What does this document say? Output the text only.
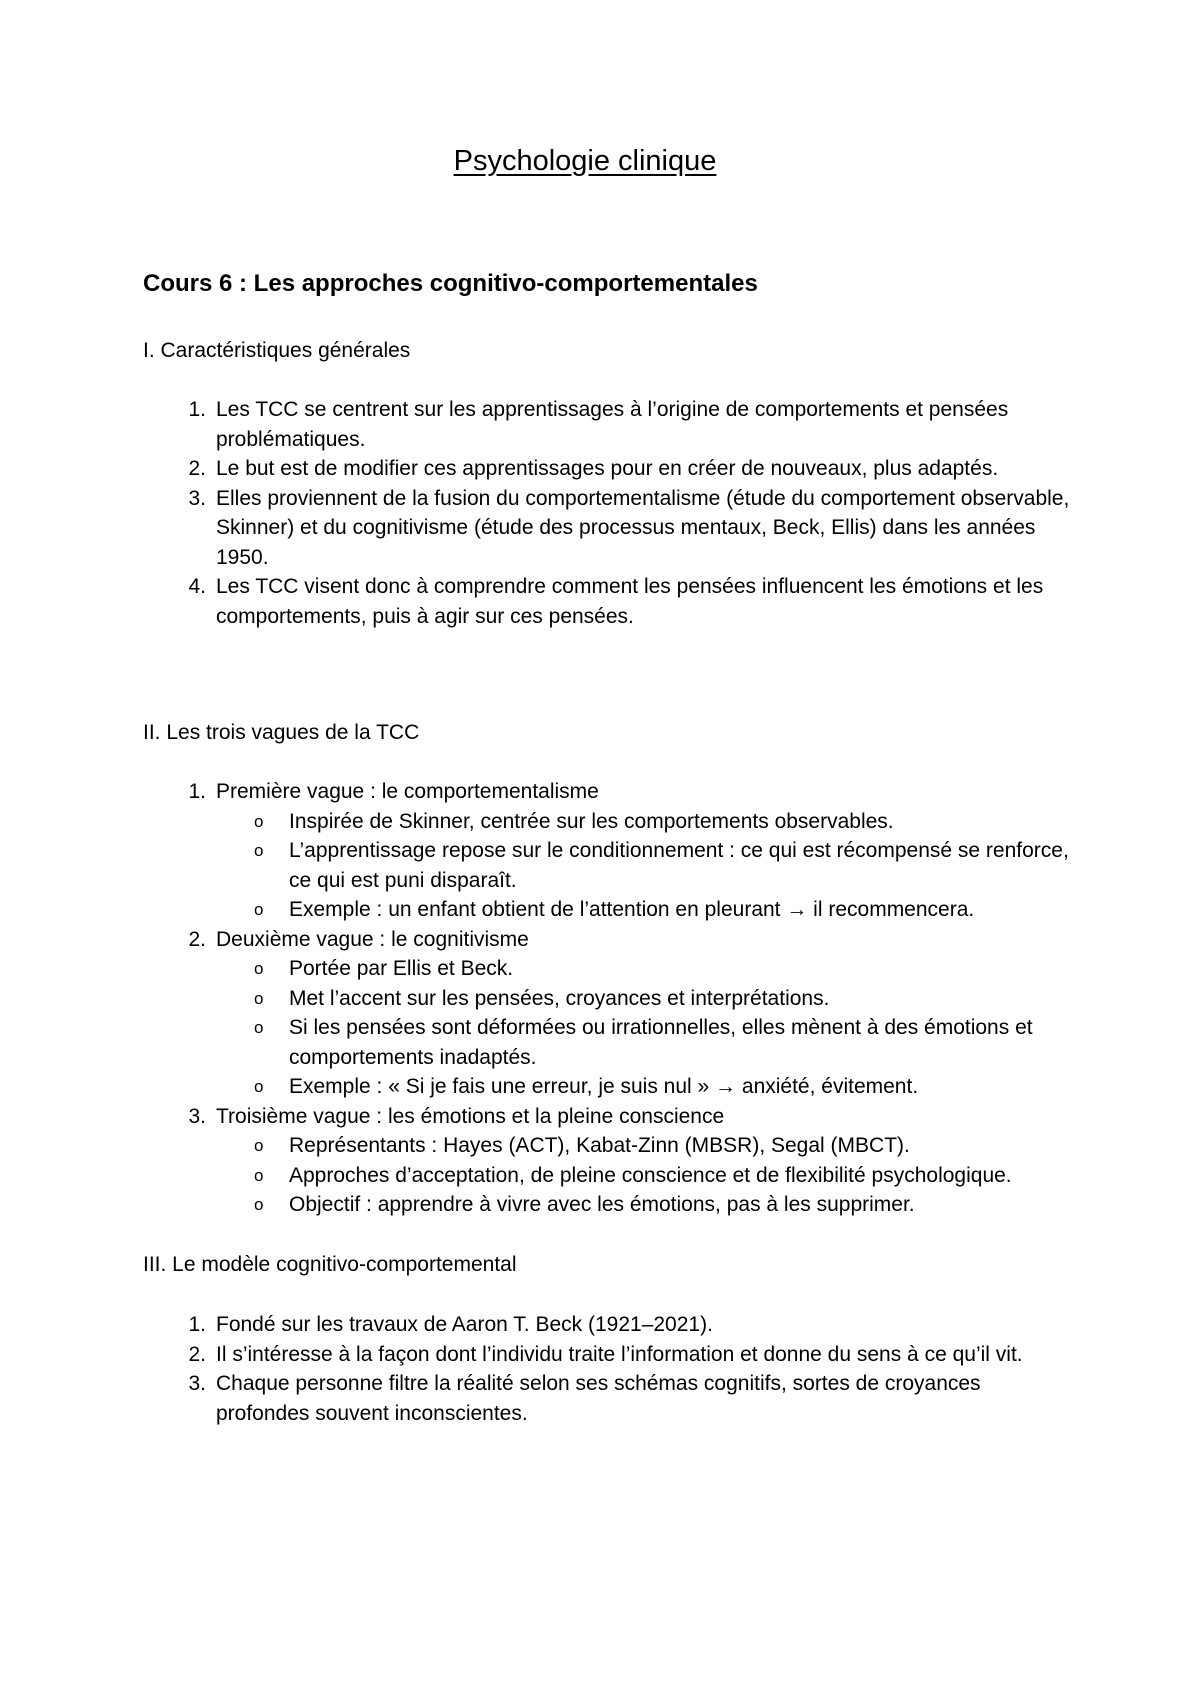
Psychologie clinique
Cours 6 : Les approches cognitivo-comportementales
I. Caractéristiques générales
1. Les TCC se centrent sur les apprentissages à l’origine de comportements et pensées problématiques.
2. Le but est de modifier ces apprentissages pour en créer de nouveaux, plus adaptés.
3. Elles proviennent de la fusion du comportementalisme (étude du comportement observable, Skinner) et du cognitivisme (étude des processus mentaux, Beck, Ellis) dans les années 1950.
4. Les TCC visent donc à comprendre comment les pensées influencent les émotions et les comportements, puis à agir sur ces pensées.
II. Les trois vagues de la TCC
1. Première vague : le comportementalisme
o Inspirée de Skinner, centrée sur les comportements observables.
o L’apprentissage repose sur le conditionnement : ce qui est récompensé se renforce, ce qui est puni disparaît.
o Exemple : un enfant obtient de l’attention en pleurant → il recommencera.
2. Deuxième vague : le cognitivisme
o Portée par Ellis et Beck.
o Met l’accent sur les pensées, croyances et interprétations.
o Si les pensées sont déformées ou irrationnelles, elles mènent à des émotions et comportements inadaptés.
o Exemple : « Si je fais une erreur, je suis nul » → anxiété, évitement.
3. Troisième vague : les émotions et la pleine conscience
o Représentants : Hayes (ACT), Kabat-Zinn (MBSR), Segal (MBCT).
o Approches d’acceptation, de pleine conscience et de flexibilité psychologique.
o Objectif : apprendre à vivre avec les émotions, pas à les supprimer.
III. Le modèle cognitivo-comportemental
1. Fondé sur les travaux de Aaron T. Beck (1921–2021).
2. Il s’intéresse à la façon dont l’individu traite l’information et donne du sens à ce qu’il vit.
3. Chaque personne filtre la réalité selon ses schémas cognitifs, sortes de croyances profondes souvent inconscientes.
